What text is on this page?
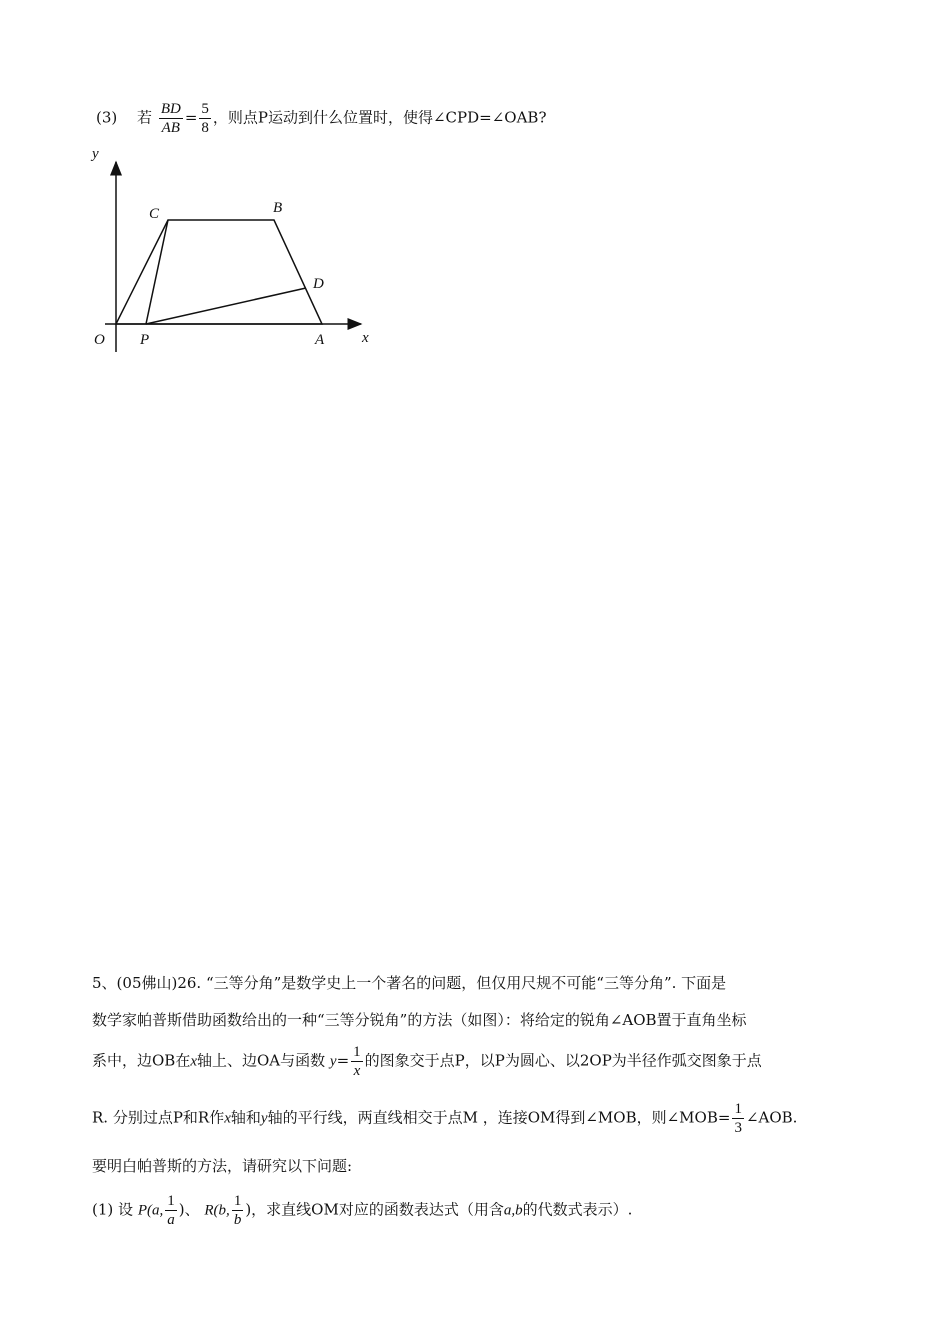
(3)　 若 $\frac{BD}{AB} = \frac{5}{8}$ ，则点P运动到什么位置时，使得∠CPD=∠OAB?
y
x
O P	A
B
C
D
5、(05佛山)26. “三等分角”是数学史上一个著名的问题，但仅用尺规不可能“三等分角”. 下面是
数学家帕普斯借助函数给出的一种“三等分锐角”的方法（如图）：将给定的锐角∠AOB置于直角坐标
系中，边OB在x轴上、边OA与函数 $y= \frac{1}{x}$ 的图象交于点P，以P为圆心、以2OP为半径作弧交图象于点
R. 分别过点P和R作x轴和y轴的平行线，两直线相交于点M ，连接OM得到∠MOB，则∠MOB= $\frac{1}{3}$ ∠AOB.
要明白帕普斯的方法，请研究以下问题:
(1) 设 P(a, $\frac{1}{a}$ )、 R(b, $\frac{1}{b}$ )，求直线OM对应的函数表达式（用含a,b的代数式表示）.
